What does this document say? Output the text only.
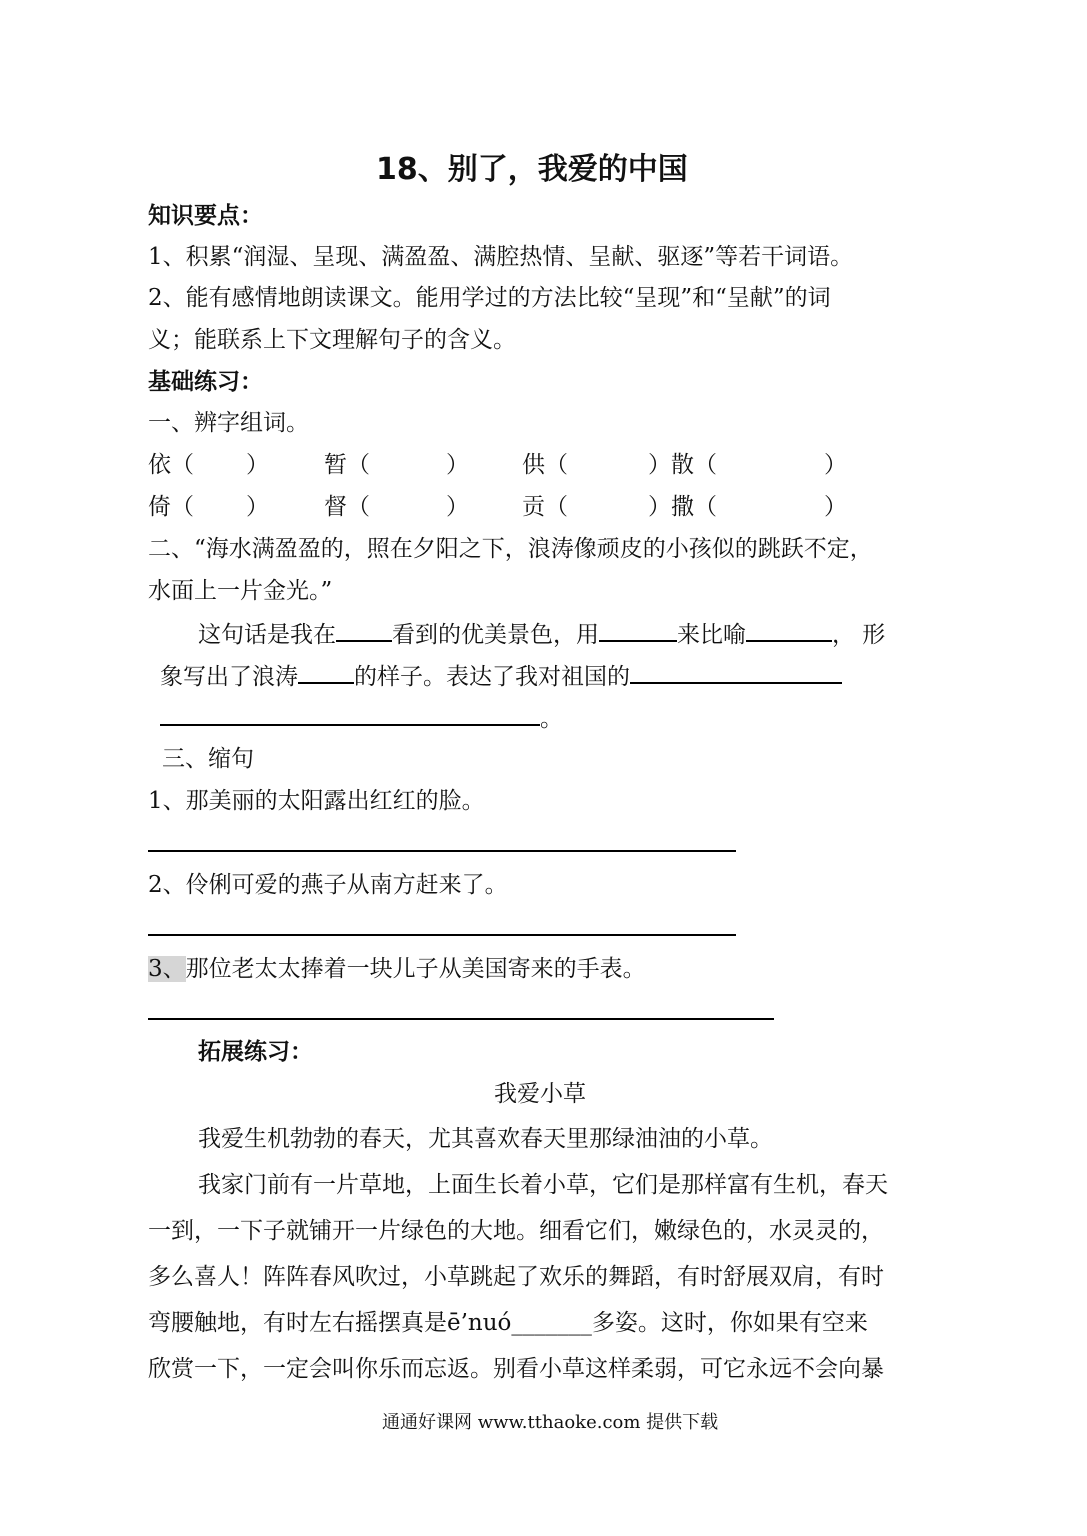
18、别了，我爱的中国
知识要点：
1、积累“润湿、呈现、满盈盈、满腔热情、呈献、驱逐”等若干词语。
2、能有感情地朗读课文。能用学过的方法比较“呈现”和“呈献”的词
义；能联系上下文理解句子的含义。
基础练习：
一、辨字组词。
依（ ） 暂（	） 供（	）散（	）
倚（ ） 督（	） 贡（	）撒（	）
二、“海水满盈盈的，照在夕阳之下，浪涛像顽皮的小孩似的跳跃不定，
水面上一片金光。”
这句话是我在 看到的优美景色，用	来比喻	， 形
象写出了浪涛 的样子。表达了我对祖国的
。
三、缩句
1、那美丽的太阳露出红红的脸。
2、伶俐可爱的燕子从南方赶来了。
3、那位老太太捧着一块儿子从美国寄来的手表。
拓展练习：
我爱小草
我爱生机勃勃的春天，尤其喜欢春天里那绿油油的小草。
我家门前有一片草地，上面生长着小草，它们是那样富有生机，春天
一到，一下子就铺开一片绿色的大地。细看它们，嫩绿色的，水灵灵的，
多么喜人！阵阵春风吹过，小草跳起了欢乐的舞蹈，有时舒展双肩，有时
弯腰触地，有时左右摇摆真是ē’nuó_______多姿。这时，你如果有空来
欣赏一下，一定会叫你乐而忘返。别看小草这样柔弱，可它永远不会向暴
通通好课网 www.tthaoke.com 提供下载
